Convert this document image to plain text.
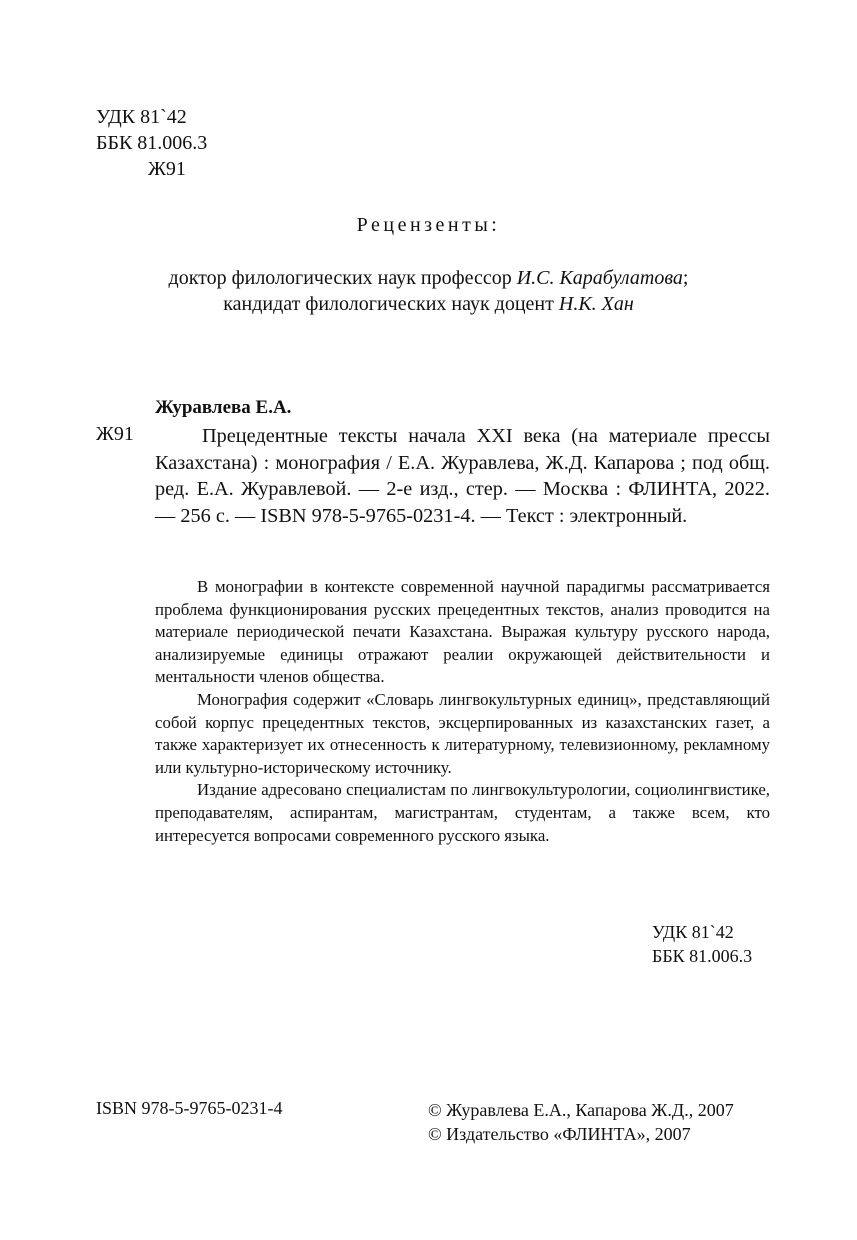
УДК 81`42
ББК 81.006.3
Ж91
Рецензенты:
доктор филологических наук профессор И.С. Карабулатова;
кандидат филологических наук доцент Н.К. Хан
Журавлева Е.А.
Ж91	Прецедентные тексты начала XXI века (на материале прессы Казахстана) : монография / Е.А. Журавлева, Ж.Д. Капарова ; под общ. ред. Е.А. Журавлевой. — 2-е изд., стер. — Москва : ФЛИНТА, 2022. — 256 с. — ISBN 978-5-9765-0231-4. — Текст : электронный.

В монографии в контексте современной научной парадигмы рассматривается проблема функционирования русских прецедентных текстов, анализ проводится на материале периодической печати Казахстана. Выражая культуру русского народа, анализируемые единицы отражают реалии окружающей действительности и ментальности членов общества.

Монография содержит «Словарь лингвокультурных единиц», представляющий собой корпус прецедентных текстов, эксцерпированных из казахстанских газет, а также характеризует их отнесенность к литературному, телевизионному, рекламному или культурно-историческому источнику.

Издание адресовано специалистам по лингвокультурологии, социолингвистике, преподавателям, аспирантам, магистрантам, студентам, а также всем, кто интересуется вопросами современного русского языка.

УДК 81`42
ББК 81.006.3
ISBN 978-5-9765-0231-4	© Журавлева Е.А., Капарова Ж.Д., 2007
© Издательство «ФЛИНТА», 2007
